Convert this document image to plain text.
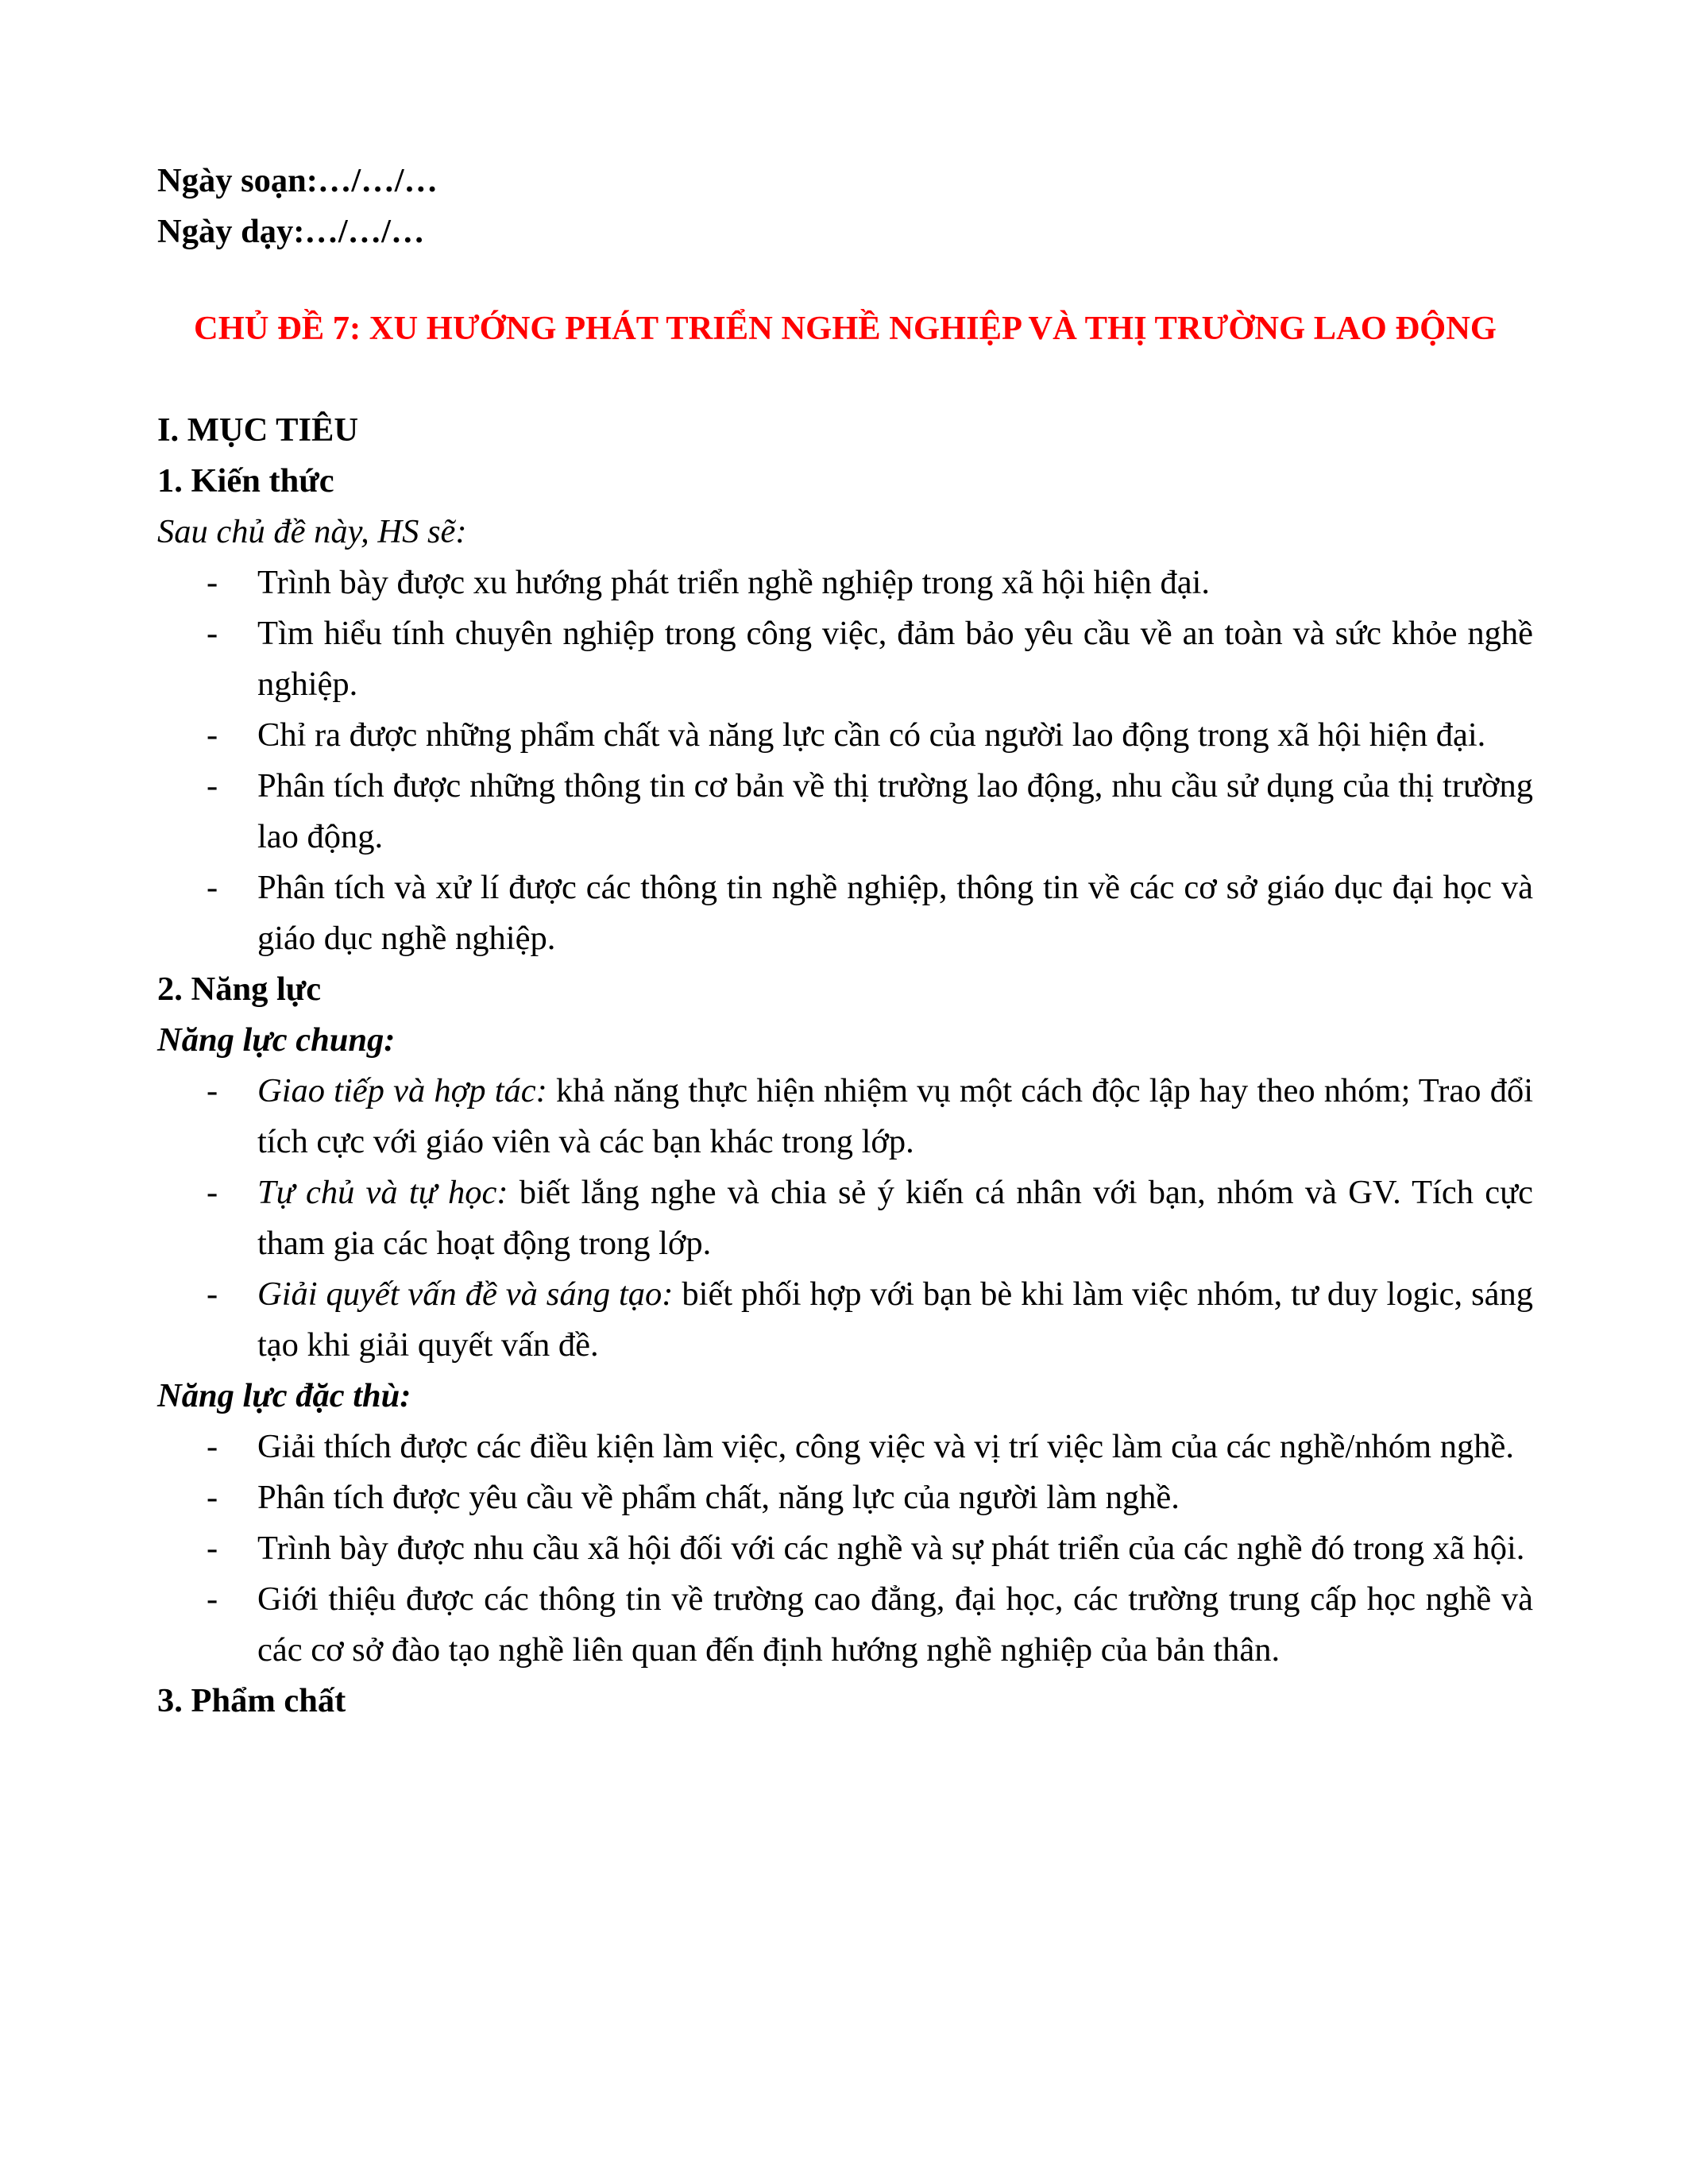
Ngày soạn:…/…/…

Ngày dạy:…/…/…

CHỦ ĐỀ 7: XU HƯỚNG PHÁT TRIỂN NGHỀ NGHIỆP VÀ THỊ TRƯỜNG LAO ĐỘNG

I. MỤC TIÊU

1. Kiến thức

Sau chủ đề này, HS sẽ:

- Trình bày được xu hướng phát triển nghề nghiệp trong xã hội hiện đại.
- Tìm hiểu tính chuyên nghiệp trong công việc, đảm bảo yêu cầu về an toàn và sức khỏe nghề nghiệp.
- Chỉ ra được những phẩm chất và năng lực cần có của người lao động trong xã hội hiện đại.
- Phân tích được những thông tin cơ bản về thị trường lao động, nhu cầu sử dụng của thị trường lao động.
- Phân tích và xử lí được các thông tin nghề nghiệp, thông tin về các cơ sở giáo dục đại học và giáo dục nghề nghiệp.

2. Năng lực

Năng lực chung:

- Giao tiếp và hợp tác: khả năng thực hiện nhiệm vụ một cách độc lập hay theo nhóm; Trao đổi tích cực với giáo viên và các bạn khác trong lớp.
- Tự chủ và tự học: biết lắng nghe và chia sẻ ý kiến cá nhân với bạn, nhóm và GV. Tích cực tham gia các hoạt động trong lớp.
- Giải quyết vấn đề và sáng tạo: biết phối hợp với bạn bè khi làm việc nhóm, tư duy logic, sáng tạo khi giải quyết vấn đề.

Năng lực đặc thù:

- Giải thích được các điều kiện làm việc, công việc và vị trí việc làm của các nghề/nhóm nghề.
- Phân tích được yêu cầu về phẩm chất, năng lực của người làm nghề.
- Trình bày được nhu cầu xã hội đối với các nghề và sự phát triển của các nghề đó trong xã hội.
- Giới thiệu được các thông tin về trường cao đẳng, đại học, các trường trung cấp học nghề và các cơ sở đào tạo nghề liên quan đến định hướng nghề nghiệp của bản thân.

3. Phẩm chất
